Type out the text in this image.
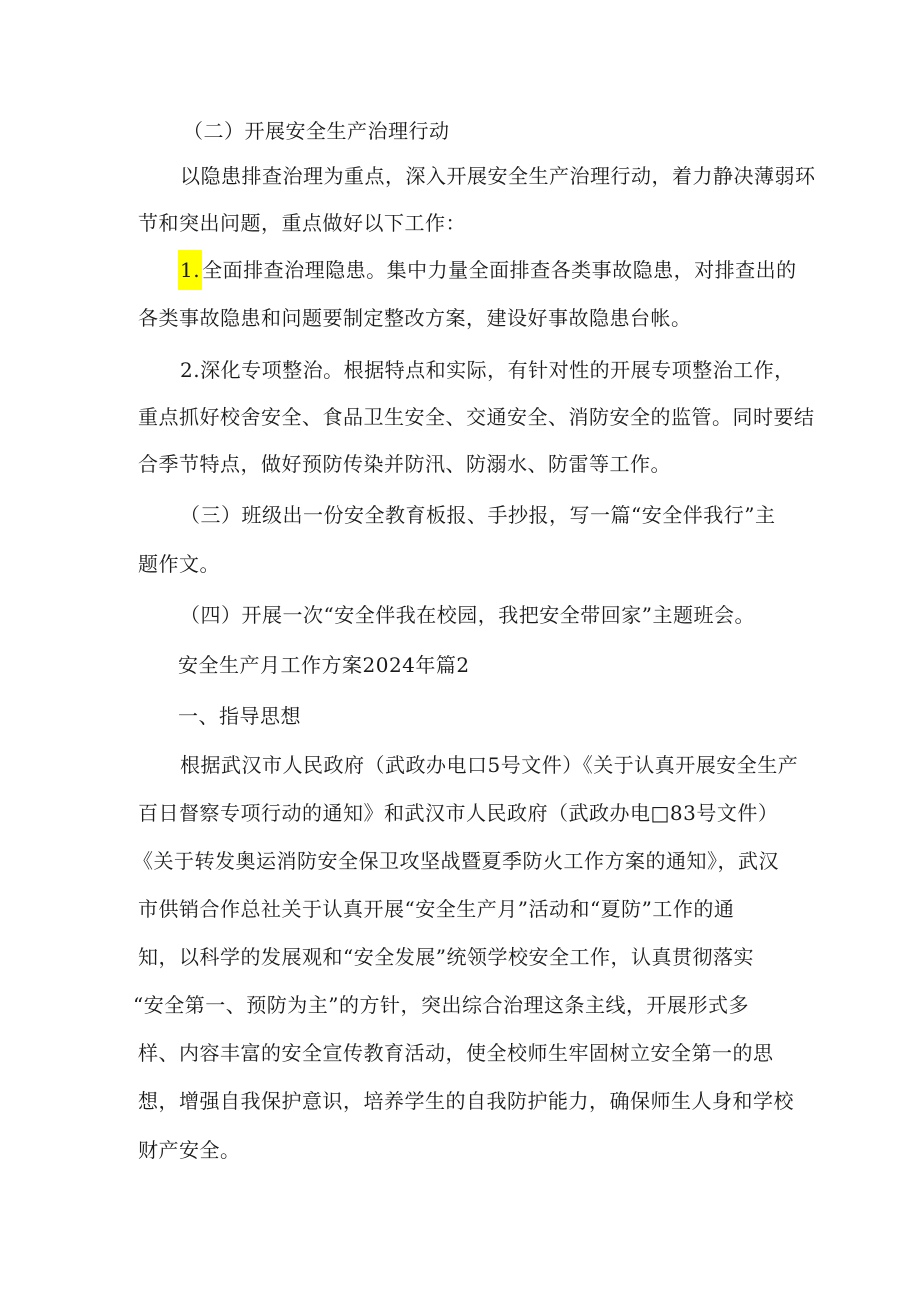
（二）开展安全生产治理行动

以隐患排查治理为重点，深入开展安全生产治理行动，着力静决薄弱环

节和突出问题，重点做好以下工作：

1. 全面排查治理隐患。集中力量全面排查各类事故隐患，对排查出的

各类事故隐患和问题要制定整改方案，建设好事故隐患台帐。

2.深化专项整治。根据特点和实际，有针对性的开展专项整治工作，

重点抓好校舍安全、食品卫生安全、交通安全、消防安全的监管。同时要结

合季节特点，做好预防传染并防汛、防溺水、防雷等工作。

（三）班级出一份安全教育板报、手抄报，写一篇“安全伴我行”主

题作文。

（四）开展一次“安全伴我在校园，我把安全带回家”主题班会。

安全生产月工作方案2024年篇2

一、指导思想

根据武汉市人民政府（武政办电口5号文件）《关于认真开展安全生产

百日督察专项行动的通知》和武汉市人民政府（武政办电□83号文件）

《关于转发奥运消防安全保卫攻坚战暨夏季防火工作方案的通知》，武汉

市供销合作总社关于认真开展“安全生产月”活动和“夏防”工作的通

知，以科学的发展观和“安全发展”统领学校安全工作，认真贯彻落实

“安全第一、预防为主”的方针，突出综合治理这条主线，开展形式多

样、内容丰富的安全宣传教育活动，使全校师生牢固树立安全第一的思

想，增强自我保护意识，培养学生的自我防护能力，确保师生人身和学校

财产安全。
